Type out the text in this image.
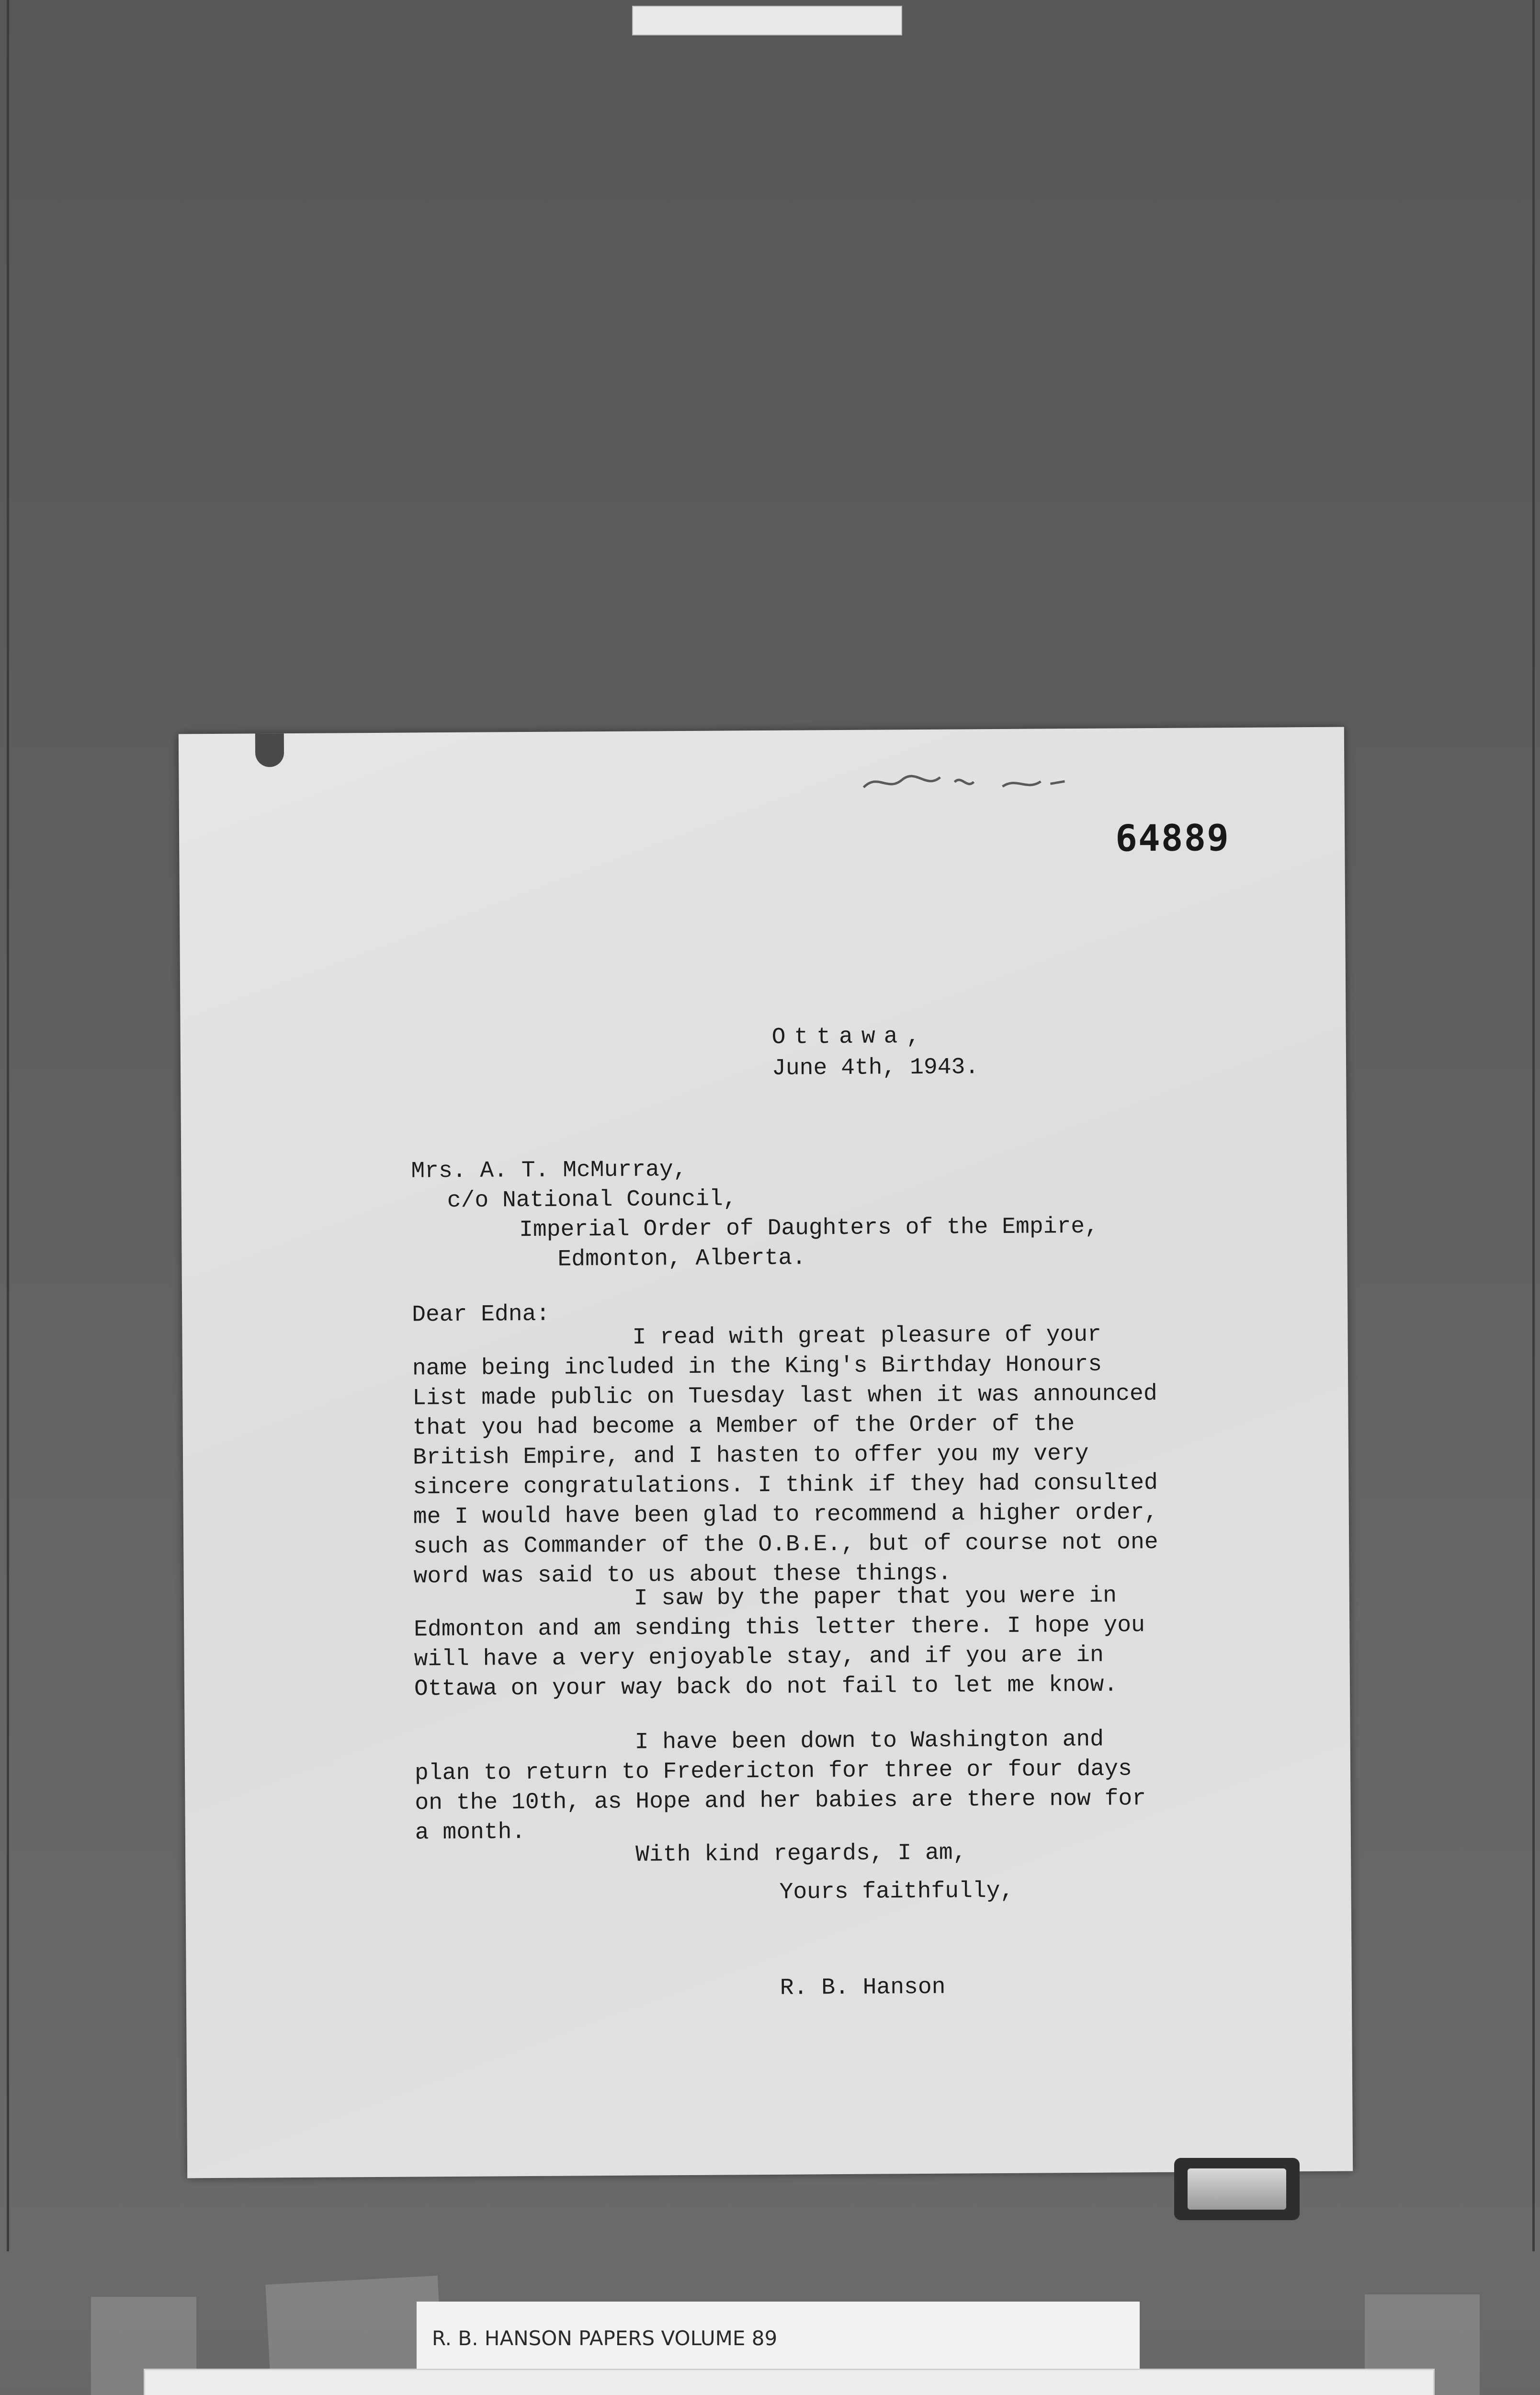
64889
Ottawa,
June 4th, 1943.
Mrs. A. T. McMurray,
c/o National Council,
Imperial Order of Daughters of the Empire,
Edmonton, Alberta.
Dear Edna:
I read with great pleasure of your name being included in the King's Birthday Honours List made public on Tuesday last when it was announced that you had become a Member of the Order of the British Empire, and I hasten to offer you my very sincere congratulations. I think if they had consulted me I would have been glad to recommend a higher order, such as Commander of the O.B.E., but of course not one word was said to us about these things.
I saw by the paper that you were in Edmonton and am sending this letter there. I hope you will have a very enjoyable stay, and if you are in Ottawa on your way back do not fail to let me know.
I have been down to Washington and plan to return to Fredericton for three or four days on the 10th, as Hope and her babies are there now for a month.
With kind regards, I am,
Yours faithfully,
R. B. Hanson
R. B. HANSON PAPERS VOLUME 89
